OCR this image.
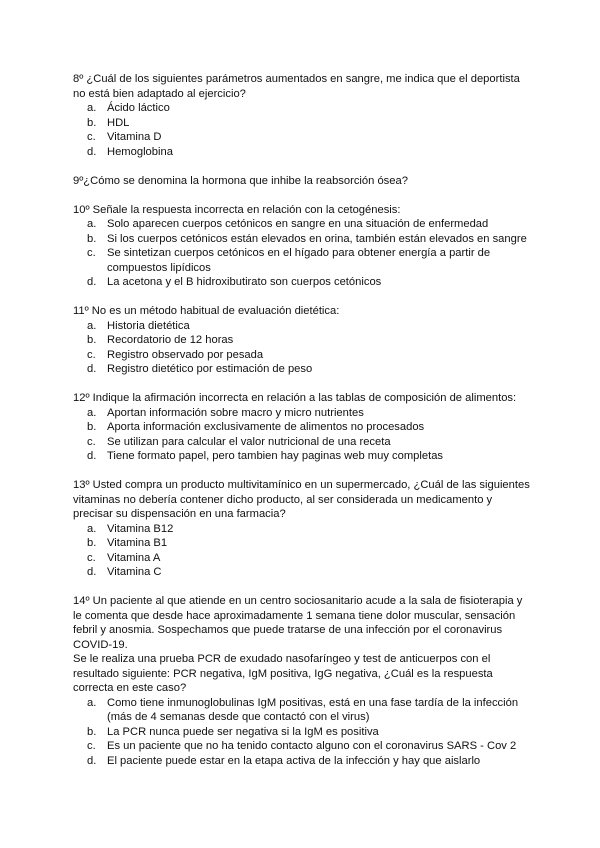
8º ¿Cuál de los siguientes parámetros aumentados en sangre, me indica que el deportista no está bien adaptado al ejercicio?

a. Ácido láctico
b. HDL
c. Vitamina D
d. Hemoglobina

9º¿Cómo se denomina la hormona que inhibe la reabsorción ósea?

10º Señale la respuesta incorrecta en relación con la cetogénesis:

a. Solo aparecen cuerpos cetónicos en sangre en una situación de enfermedad
b. Si los cuerpos cetónicos están elevados en orina, también están elevados en sangre
c. Se sintetizan cuerpos cetónicos en el hígado para obtener energía a partir de compuestos lipídicos
d. La acetona y el B hidroxibutirato son cuerpos cetónicos

11º No es un método habitual de evaluación dietética:

a. Historia dietética
b. Recordatorio de 12 horas
c. Registro observado por pesada
d. Registro dietético por estimación de peso

12º Indique la afirmación incorrecta en relación a las tablas de composición de alimentos:

a. Aportan información sobre macro y micro nutrientes
b. Aporta información exclusivamente de alimentos no procesados
c. Se utilizan para calcular el valor nutricional de una receta
d. Tiene formato papel, pero tambien hay paginas web muy completas

13º Usted compra un producto multivitamínico en un supermercado, ¿Cuál de las siguientes vitaminas no debería contener dicho producto, al ser considerada un medicamento y precisar su dispensación en una farmacia?

a. Vitamina B12
b. Vitamina B1
c. Vitamina A
d. Vitamina C

14º Un paciente al que atiende en un centro sociosanitario acude a la sala de fisioterapia y le comenta que desde hace aproximadamente 1 semana tiene dolor muscular, sensación febril y anosmia. Sospechamos que puede tratarse de una infección por el coronavirus COVID-19.

Se le realiza una prueba PCR de exudado nasofaríngeo y test de anticuerpos con el resultado siguiente: PCR negativa, IgM positiva, IgG negativa, ¿Cuál es la respuesta correcta en este caso?

a. Como tiene inmunoglobulinas IgM positivas, está en una fase tardía de la infección (más de 4 semanas desde que contactó con el virus)
b. La PCR nunca puede ser negativa si la IgM es positiva
c. Es un paciente que no ha tenido contacto alguno con el coronavirus SARS - Cov 2
d. El paciente puede estar en la etapa activa de la infección y hay que aislarlo
